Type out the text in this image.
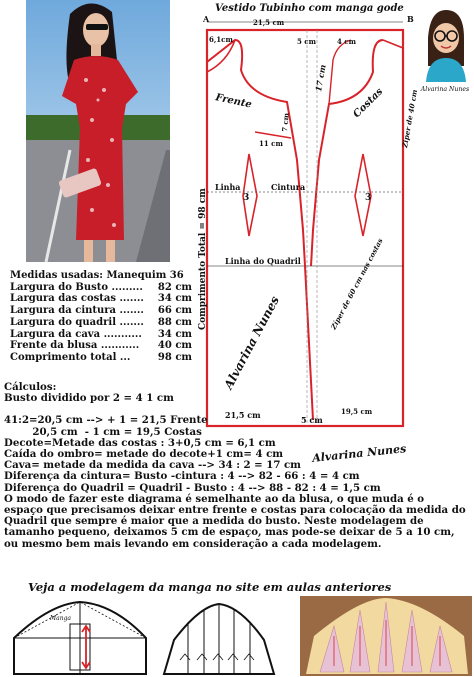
Vestido Tubinho com manga gode
A	B
21,5 cm
6,1cm	5 cm	4 cm
Frente	Costas
17 cm
Ziper de 40 cm
11 cm
7 cm
3	3
Linha	Cintura
Linha do Quadril
Comprimento Total = 98 cm	Zíper de 60 cm nas costas
Alvarina Nunes
21,5 cm	5 cm
19,5 cm
Alvarina Nunes
Medidas usadas: Manequim 36
Largura do Busto .........	82 cm
Largura das costas .......	34 cm
Largura da cintura .......	66 cm
Largura do quadril .......	88 cm
Largura da cava ...........	34 cm
Frente da blusa ...........	40 cm
Comprimento total ...	98 cm
Cálculos:
Busto dividido por 2 = 4 1 cm
41:2=20,5 cm --> + 1 = 21,5 Frente
20,5 cm  - 1 cm = 19,5 Costas
Decote=Metade das costas : 3+0,5 cm = 6,1 cm
Caída do ombro= metade do decote+1 cm= 4 cm
Cava= metade da medida da cava --> 34 : 2 = 17 cm
Diferença da cintura= Busto -cintura : 4 --> 82 - 66 : 4 = 4 cm
Diferença do Quadril = Quadril - Busto : 4 --> 88 - 82 : 4 = 1,5 cm
O modo de fazer este diagrama é semelhante ao da blusa, o que muda é o espaço que precisamos deixar entre frente e costas para colocação da medida do Quadril que sempre é maior que a medida do busto. Neste modelagem de tamanho pequeno, deixamos 5 cm de espaço, mas pode-se deixar de 5 a 10 cm, ou mesmo bem mais levando em consideração a cada modelagem.
Alvarina Nunes
Veja a modelagem da manga no site em aulas anteriores
Manga
